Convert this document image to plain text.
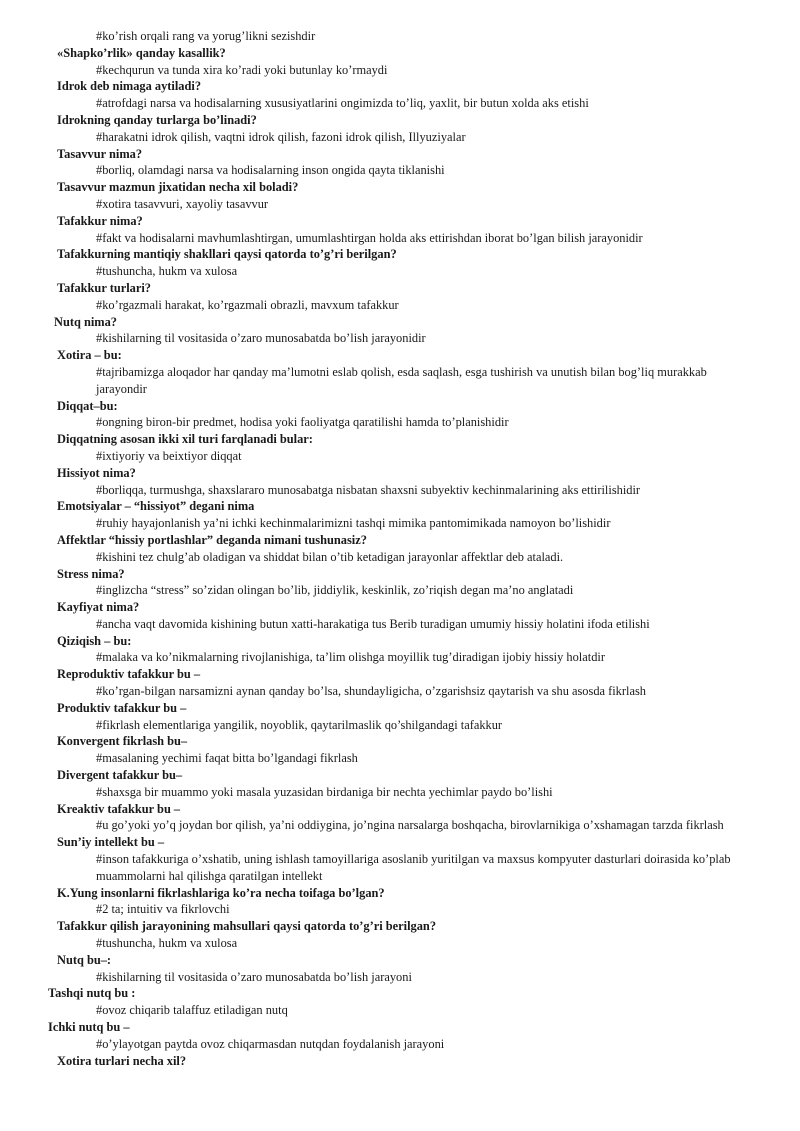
#ko’rish orqali rang va yorug’likni sezishdir
«Shapko’rlik» qanday kasallik?
#kechqurun va tunda xira ko’radi yoki butunlay ko’rmaydi
Idrok deb nimaga aytiladi?
#atrofdagi narsa va hodisalarning xususiyatlarini ongimizda to’liq, yaxlit, bir butun xolda aks etishi
Idrokning qanday turlarga bo’linadi?
#harakatni idrok qilish, vaqtni idrok qilish, fazoni idrok qilish, Illyuziyalar
Tasavvur nima?
#borliq, olamdagi narsa va hodisalarning inson ongida qayta tiklanishi
Tasavvur mazmun jixatidan necha xil boladi?
#xotira tasavvuri, xayoliy tasavvur
Tafakkur nima?
#fakt va hodisalarni mavhumlashtirgan, umumlashtirgan holda aks ettirishdan iborat bo’lgan bilish jarayonidir
Tafakkurning mantiqiy shakllari qaysi qatorda to’g’ri berilgan?
#tushuncha, hukm va xulosa
Tafakkur turlari?
#ko’rgazmali harakat, ko’rgazmali obrazli, mavxum tafakkur
Nutq nima?
#kishilarning til vositasida o’zaro munosabatda bo’lish jarayonidir
Xotira – bu:
#tajribamizga aloqador har qanday ma’lumotni eslab qolish, esda saqlash, esga tushirish va unutish bilan bog’liq murakkab jarayondir
Diqqat–bu:
#ongning biron-bir predmet, hodisa yoki faoliyatga qaratilishi hamda to’planishidir
Diqqatning asosan ikki xil turi farqlanadi bular:
#ixtiyoriy va beixtiyor diqqat
Hissiyot nima?
#borliqqa, turmushga, shaxslararo munosabatga nisbatan shaxsni subyektiv kechinmalarining aks ettirilishidir
Emotsiyalar – “hissiyot” degani nima
#ruhiy hayajonlanish ya’ni ichki kechinmalarimizni tashqi mimika pantomimikada namoyon bo’lishidir
Affektlar “hissiy portlashlar” deganda nimani tushunasiz?
#kishini tez chulg’ab oladigan va shiddat bilan o’tib ketadigan jarayonlar affektlar deb ataladi.
Stress nima?
#inglizcha “stress” so’zidan olingan bo’lib, jiddiylik, keskinlik, zo’riqish degan ma’no anglatadi
Kayfiyat nima?
#ancha vaqt davomida kishining butun xatti-harakatiga tus Berib turadigan umumiy hissiy holatini ifoda etilishi
Qiziqish – bu:
#malaka va ko’nikmalarning rivojlanishiga, ta’lim olishga moyillik tug’diradigan ijobiy hissiy holatdir
Reproduktiv tafakkur bu –
#ko’rgan-bilgan narsamizni aynan qanday bo’lsa, shundayligicha, o’zgarishsiz qaytarish va shu asosda fikrlash
Produktiv tafakkur bu –
#fikrlash elementlariga yangilik, noyoblik, qaytarilmaslik qo’shilgandagi tafakkur
Konvergent fikrlash bu–
#masalaning yechimi faqat bitta bo’lgandagi fikrlash
Divergent tafakkur bu–
#shaxsga bir muammo yoki masala yuzasidan birdaniga bir nechta yechimlar paydo bo’lishi
Kreaktiv tafakkur bu –
#u go’yoki yo’q joydan bor qilish, ya’ni oddiygina, jo’ngina narsalarga boshqacha, birovlarnikiga o’xshamagan tarzda fikrlash
Sun’iy intellekt bu –
#inson tafakkuriga o’xshatib, uning ishlash tamoyillariga asoslanib yuritilgan va maxsus kompyuter dasturlari doirasida ko’plab muammolarni hal qilishga qaratilgan intellekt
K.Yung insonlarni fikrlashlariga ko’ra necha toifaga bo’lgan?
#2 ta; intuitiv va fikrlovchi
Tafakkur qilish jarayonining mahsullari qaysi qatorda to’g’ri berilgan?
#tushuncha, hukm va xulosa
Nutq bu–:
#kishilarning til vositasida o’zaro munosabatda bo’lish jarayoni
Tashqi nutq bu :
#ovoz chiqarib talaffuz etiladigan nutq
Ichki nutq bu –
#o’ylayotgan paytda ovoz chiqarmasdan nutqdan foydalanish jarayoni
Xotira turlari necha xil?
